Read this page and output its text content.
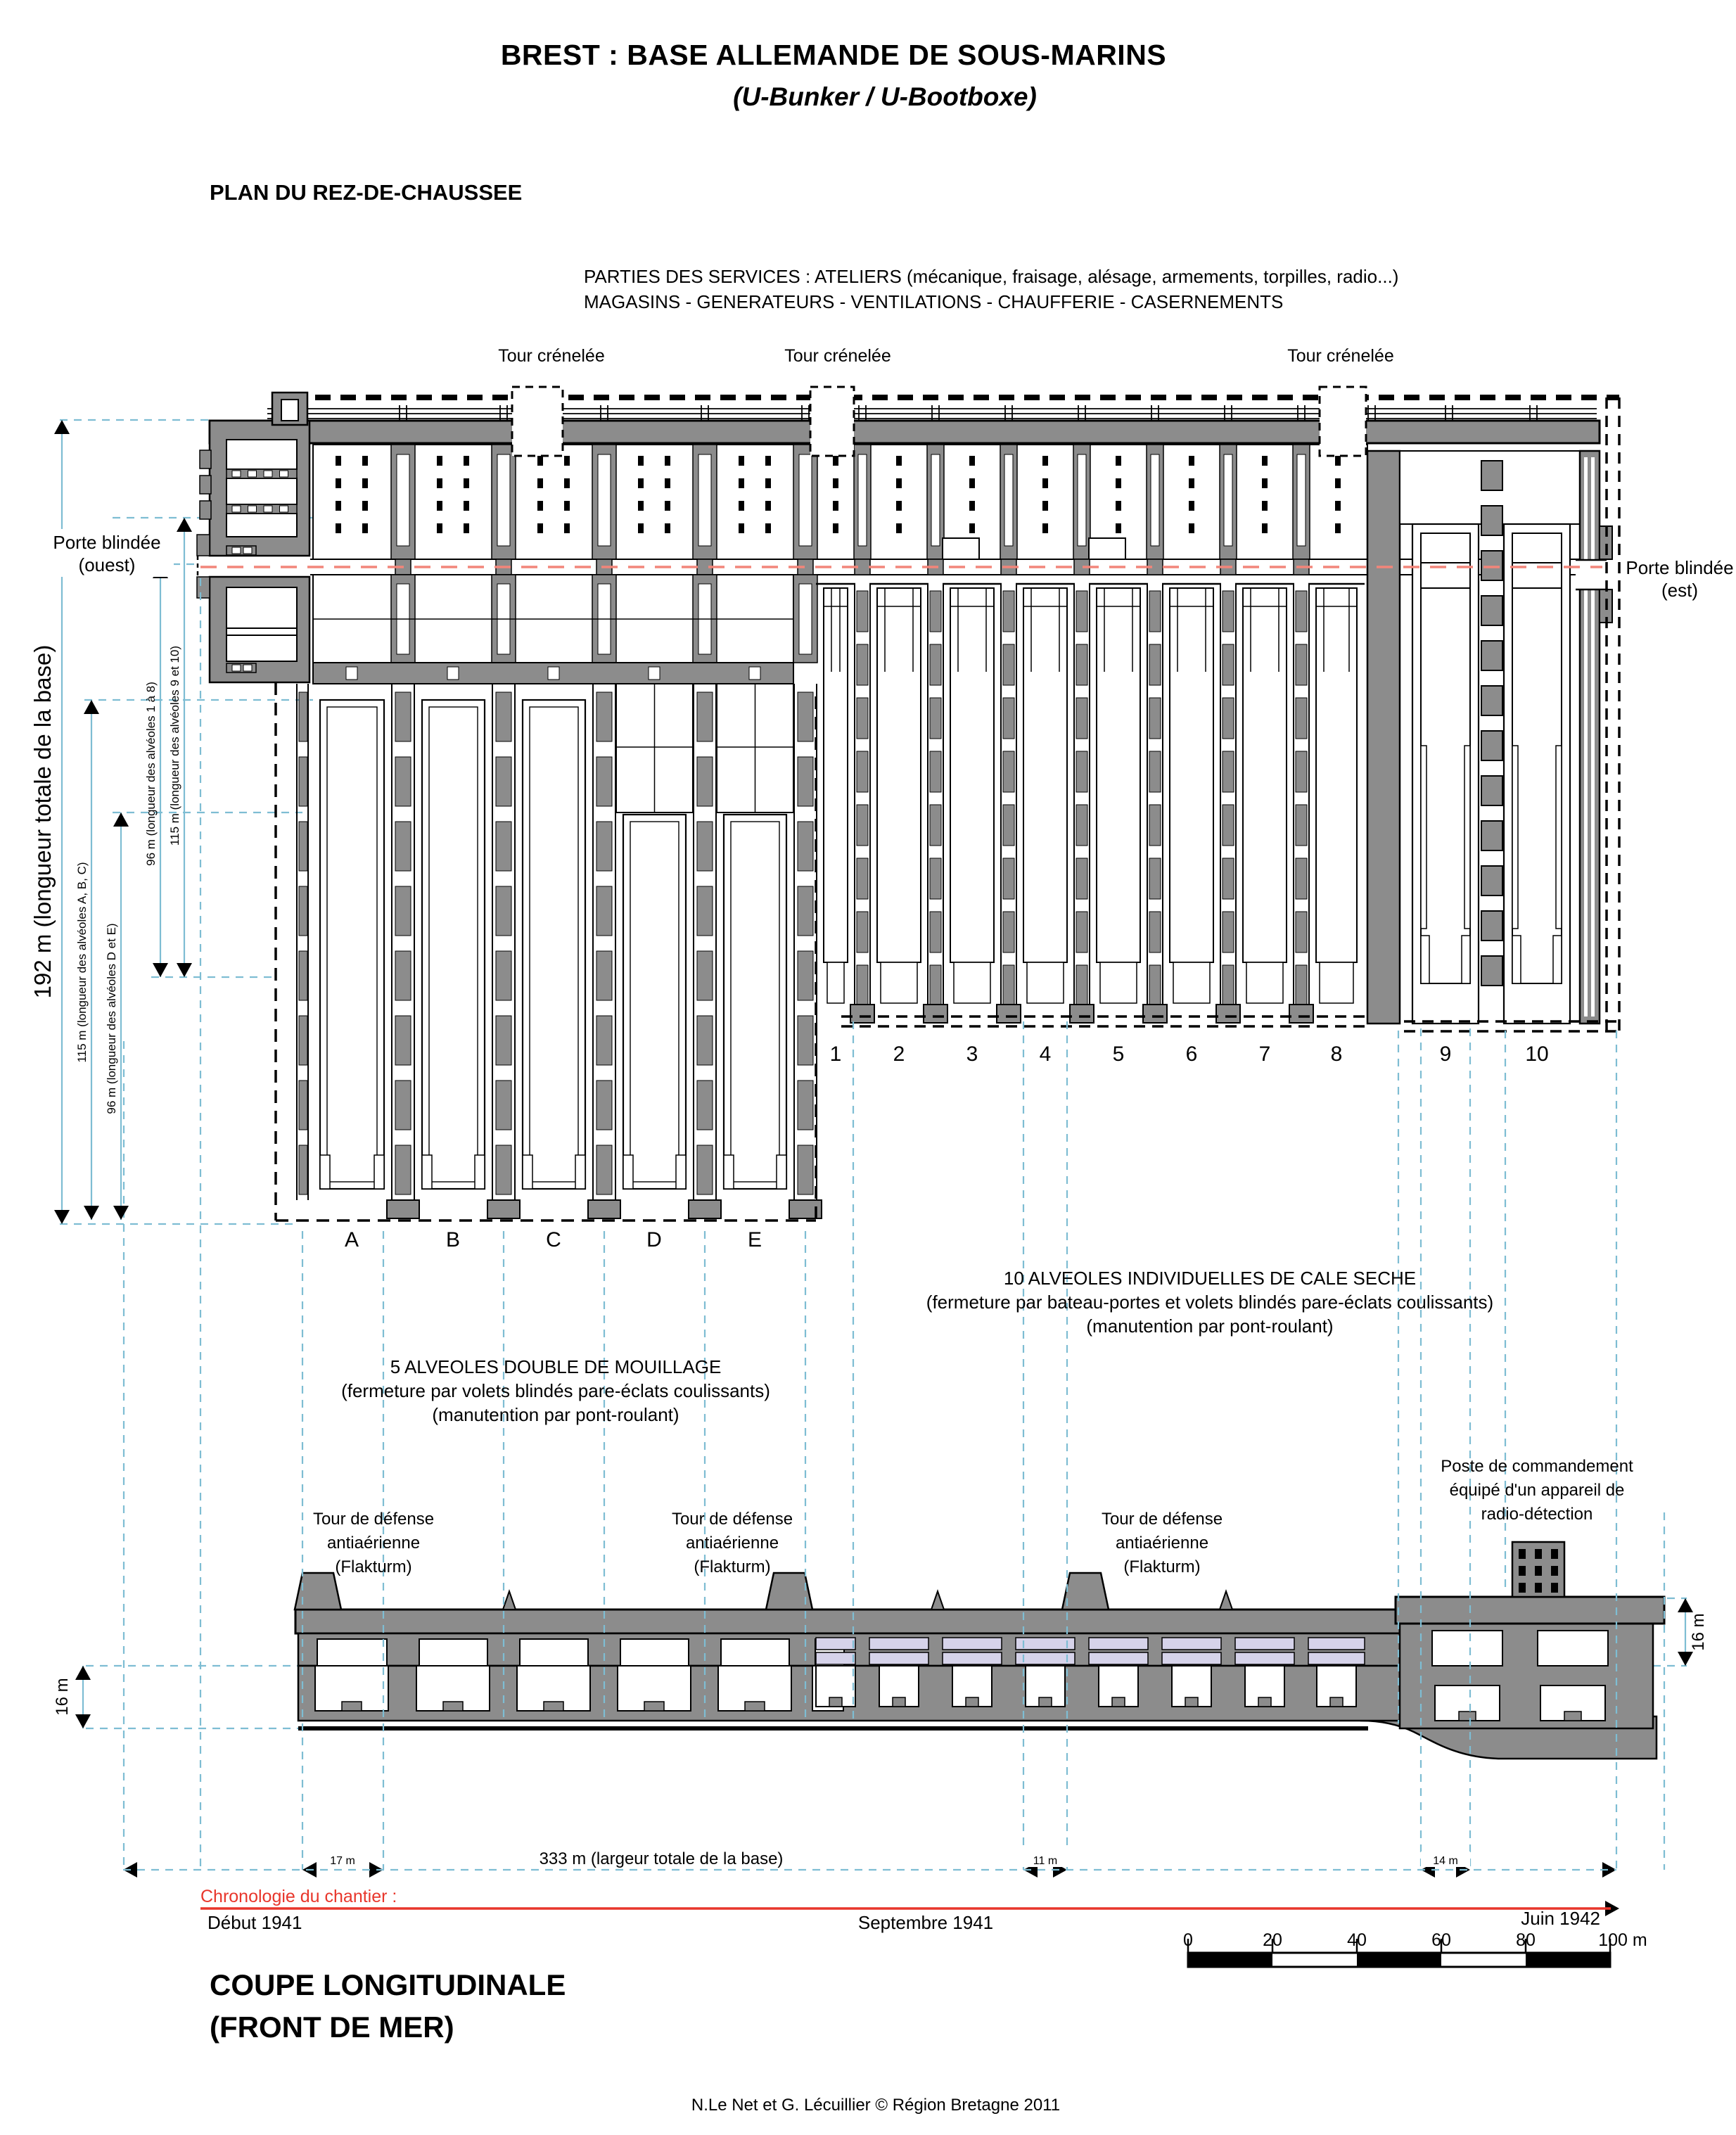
BREST : BASE ALLEMANDE DE SOUS-MARINS
(U-Bunker / U-Bootboxe)
PLAN DU REZ-DE-CHAUSSEE
PARTIES DES SERVICES : ATELIERS (mécanique, fraisage, alésage, armements, torpilles, radio...)
MAGASINS - GENERATEURS - VENTILATIONS - CHAUFFERIE - CASERNEMENTS
Tour crénelée	Tour crénelée	Tour crénelée
Porte blindée
(ouest)	Porte blindée
(est)
192 m (longueur totale de la base) 115 m (longueur des alvéoles A, B, C) 96 m (longueur des alvéoles D et E)
96 m (longueur des alvéoles 1 à 8) 115 m (longueur des alvéoles 9 et 10)
1 2	3	4	5	6	7	8	9	10
A	B	C	D	E
10 ALVEOLES INDIVIDUELLES DE CALE SECHE
(fermeture par bateau-portes et volets blindés pare-éclats coulissants)
(manutention par pont-roulant)
5 ALVEOLES DOUBLE DE MOUILLAGE
(fermeture par volets blindés pare-éclats coulissants)
(manutention par pont-roulant)
Poste de commandement
équipé d'un appareil de
radio-détection
Tour de défense
antiaérienne
(Flakturm)
Tour de défense
antiaérienne
(Flakturm)
Tour de défense
antiaérienne
(Flakturm)
16 m
16 m
17 m	333 m (largeur totale de la base)	11 m	14 m
Chronologie du chantier :
Début 1941	Septembre 1941	Juin 1942
0	20	40	60	80	100 m
COUPE LONGITUDINALE
(FRONT DE MER)
N.Le Net et G. Lécuillier © Région Bretagne 2011
